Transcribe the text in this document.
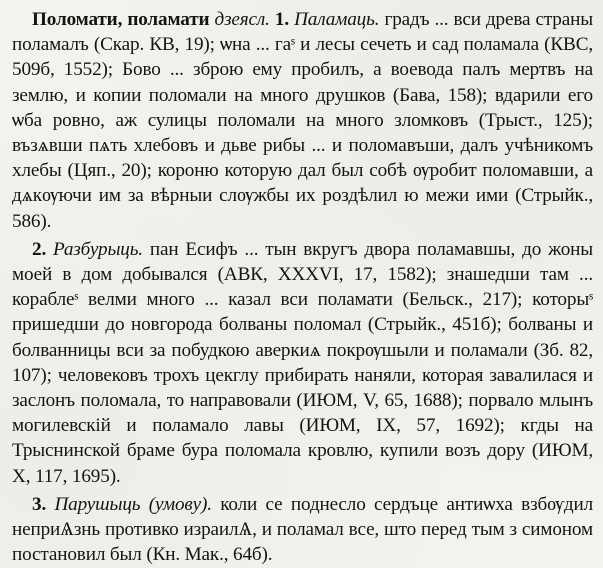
Поломати, поламати дзеясл. 1. Паламаць. градъ ... вси древа страны поламалъ (Скар. КВ, 19); ѡна ... гаˢ и лесы сечеть и сад поламала (КВС, 509б, 1552); Бово ... зброю ему пробилъ, а воевода палъ мертвъ на землю, и копии поломали на много друшков (Бава, 158); вдарили его ѡба ровно, аж сулицы поломали на много зломковъ (Трыст., 125); възѧвши пѧть хлебовъ и дьве рибы ... и поломавъши, далъ учѣникомъ хлебы (Цяп., 20); короню которую дал был собѣ ѹробит поломавши, а дѧкѹючи им за вѣрныи слѹжбы их роздѣлил ю межи ими (Стрыйк., 586).

2. Разбурыць. пан Есифъ ... тын вкругъ двора поламавшы, до жоны моей в дом добывался (АВК, XXXVI, 17, 1582); знашедши там ... кораблеˢ велми много ... казал вси поламати (Бельск., 217); которыˢ пришедши до новгорода болваны поломал (Стрыйк., 451б); болваны и болванницы вси за побудкою аверкиѧ покрѹшыли и поламали (Зб. 82, 107); человековъ трохъ цекглу прибирать наняли, которая завалилася и заслонъ поломала, то направовали (ИЮМ, V, 65, 1688); порвало млынъ могилевскій и поламало лавы (ИЮМ, IX, 57, 1692); кгды на Трыснинской браме бура поломала кровлю, купили возъ дору (ИЮМ, X, 117, 1695).

3. Парушыць (умову). коли се поднесло сердъце антиѡха взбѹдил неприѦзнь противко израилѦ, и поламал все, што перед тым з симоном постановил был (Кн. Мак., 64б).
